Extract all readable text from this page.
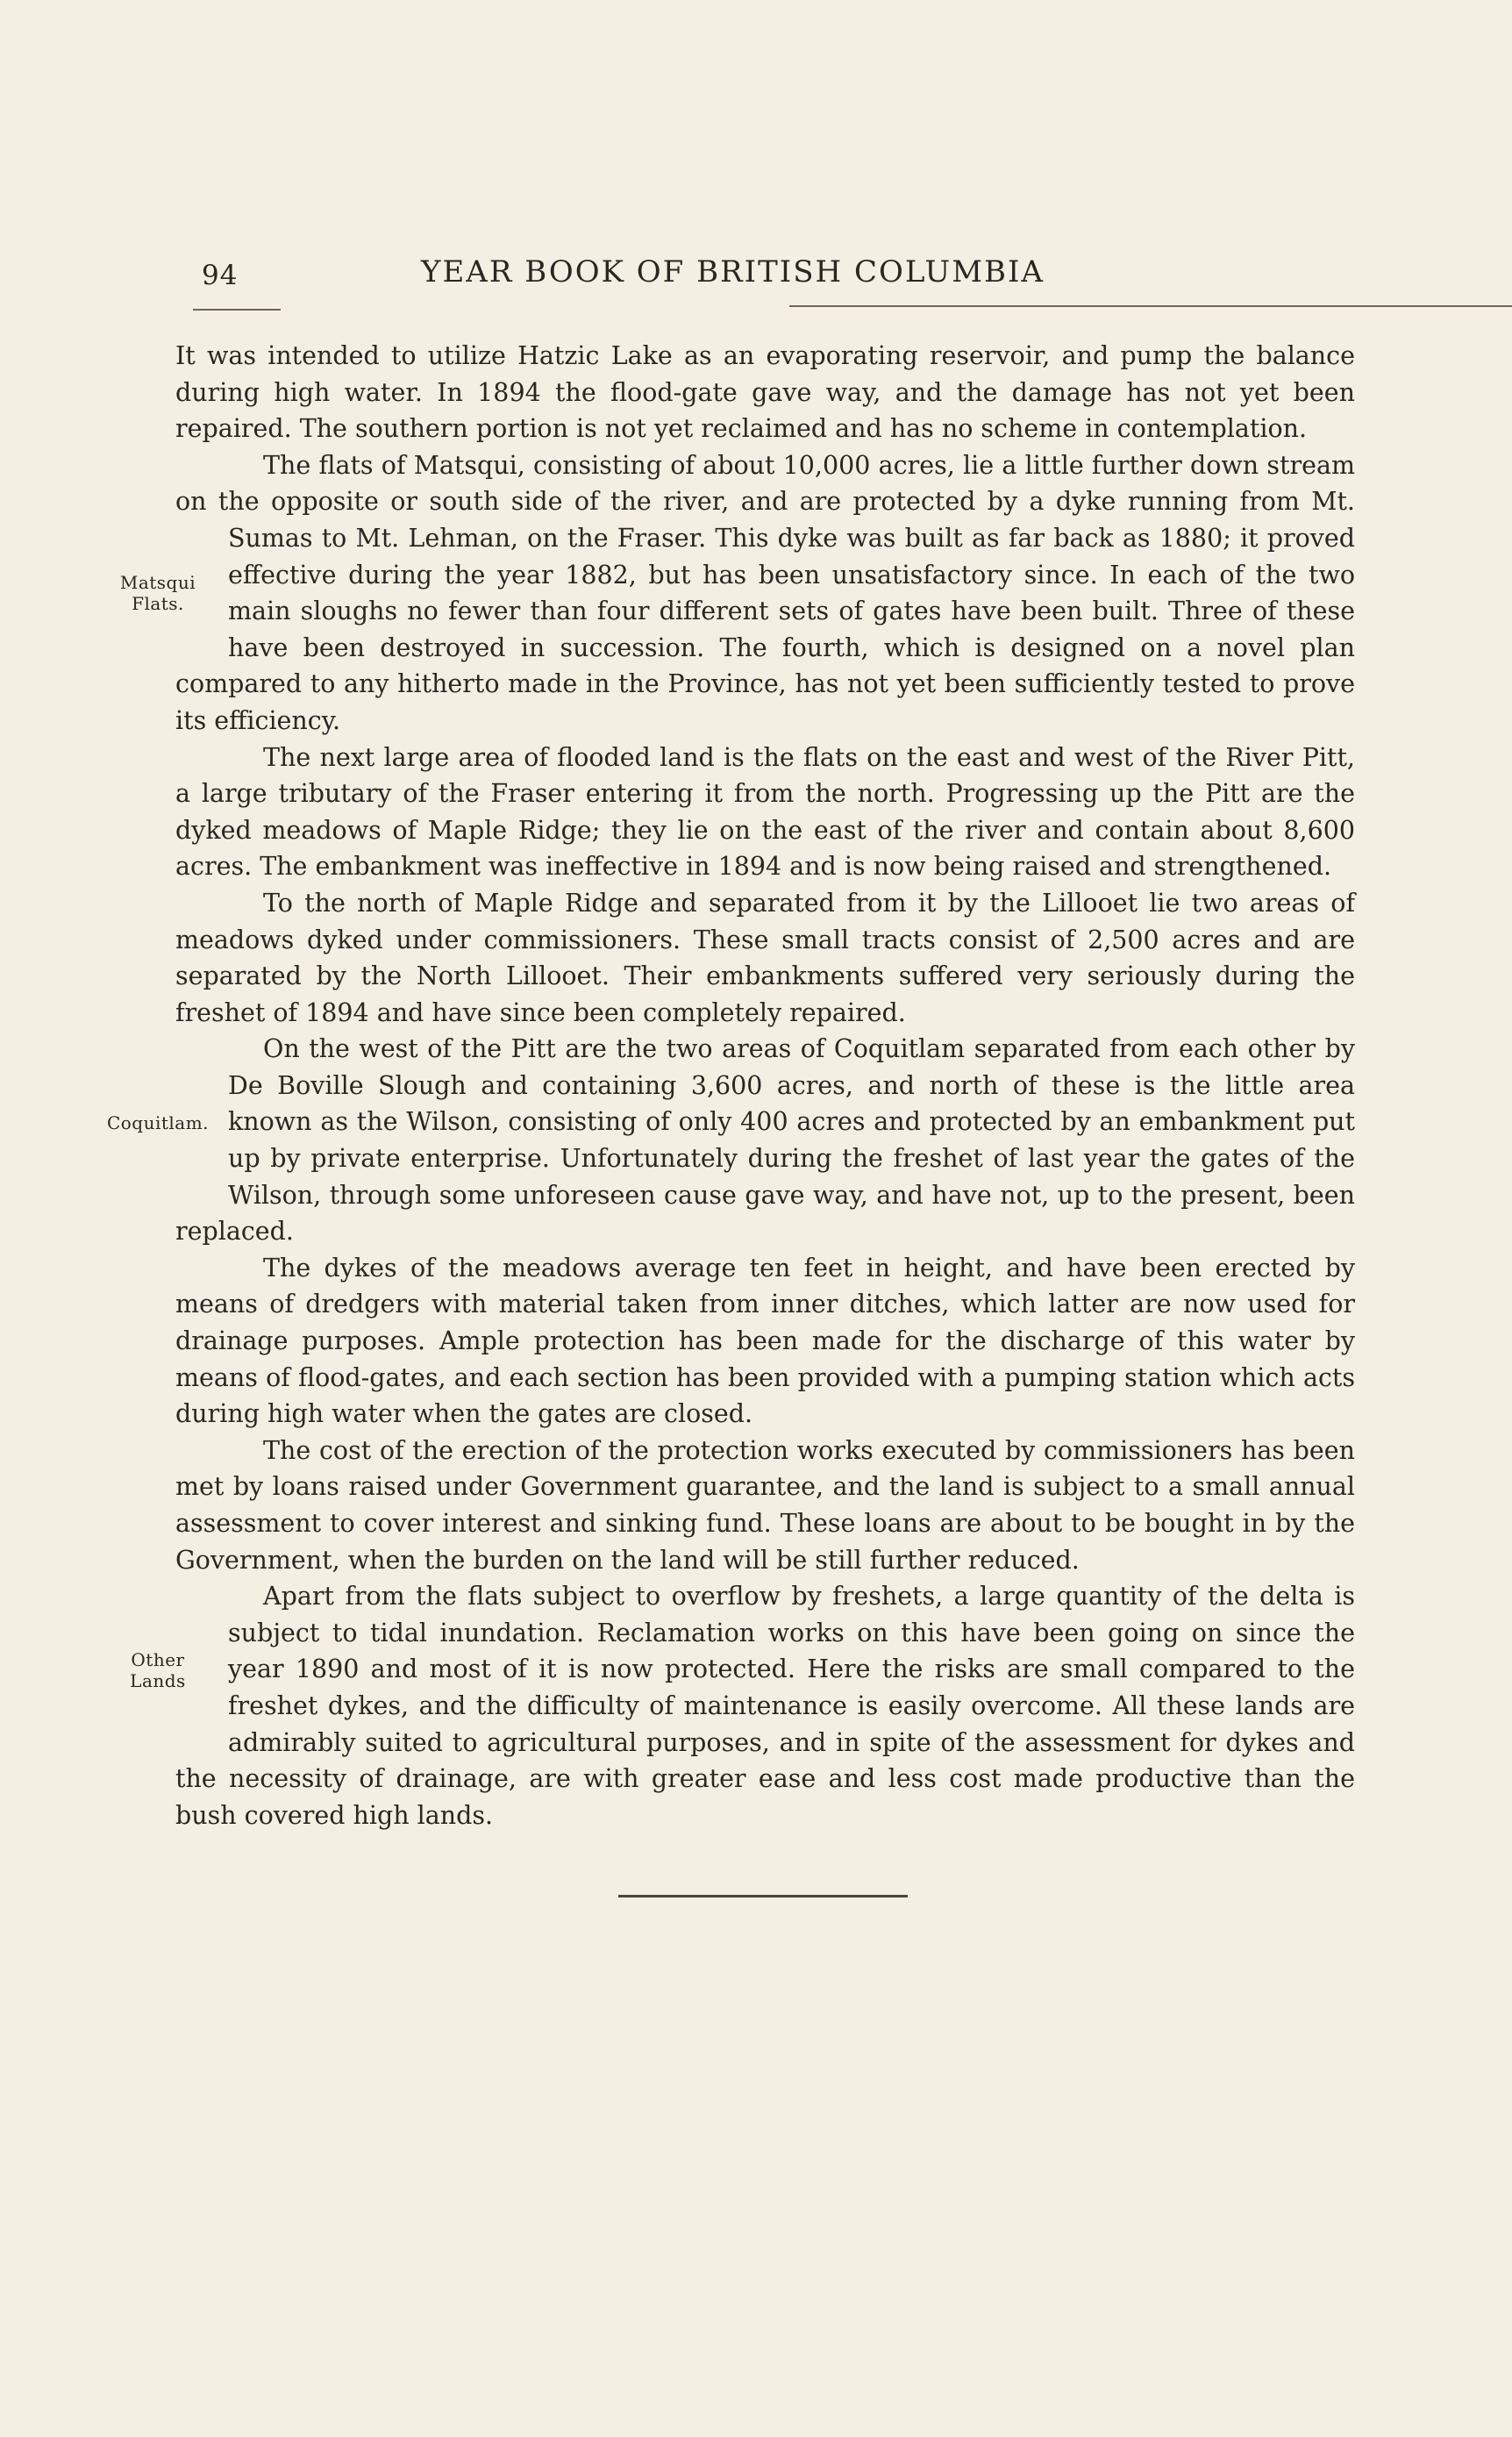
94	YEAR BOOK OF BRITISH COLUMBIA

It was intended to utilize Hatzic Lake as an evaporating reservoir, and pump the balance during high water. In 1894 the flood-gate gave way, and the damage has not yet been repaired. The southern portion is not yet reclaimed and has no scheme in contemplation.

The flats of Matsqui, consisting of about 10,000 acres, lie a little further down stream on the opposite or south side of the river, and are protected by a dyke running from Mt. Sumas to Mt. Lehman, on the Fraser. This dyke was
Matsqui
Flats.
built as far back as 1880; it proved effective during the year 1882, but has been unsatisfactory since. In each of the two main sloughs no fewer than four different sets of gates have been built. Three of these have been destroyed in succession. The fourth, which is designed on a novel plan compared to any hitherto made in the Province, has not yet been sufficiently tested to prove its efficiency.

The next large area of flooded land is the flats on the east and west of the River Pitt, a large tributary of the Fraser entering it from the north. Progressing up the Pitt are the dyked meadows of Maple Ridge; they lie on the east of the river and contain about 8,600 acres. The embankment was ineffective in 1894 and is now being raised and strengthened.

To the north of Maple Ridge and separated from it by the Lillooet lie two areas of meadows dyked under commissioners. These small tracts consist of 2,500 acres and are separated by the North Lillooet. Their embankments suffered very seriously during the freshet of 1894 and have since been completely repaired.

On the west of the Pitt are the two areas of Coquitlam separated from each other by De Boville Slough and containing 3,600 acres, and north of these is the
Coquitlam.
little area known as the Wilson, consisting of only 400 acres and protected by an embankment put up by private enterprise. Unfortunately during the freshet of last year the gates of the Wilson, through some unforeseen cause gave way, and have not, up to the present, been replaced.

The dykes of the meadows average ten feet in height, and have been erected by means of dredgers with material taken from inner ditches, which latter are now used for drainage purposes. Ample protection has been made for the discharge of this water by means of flood-gates, and each section has been provided with a pumping station which acts during high water when the gates are closed.

The cost of the erection of the protection works executed by commissioners has been met by loans raised under Government guarantee, and the land is subject to a small annual assessment to cover interest and sinking fund. These loans are about to be bought in by the Government, when the burden on the land will be still further reduced.

Apart from the flats subject to overflow by freshets, a large quantity of the delta is subject to tidal inundation. Reclamation works on this have been
Other
Lands
going on since the year 1890 and most of it is now protected. Here the risks are small compared to the freshet dykes, and the difficulty of maintenance is easily overcome. All these lands are admirably suited to agricultural purposes, and in spite of the assessment for dykes and the necessity of drainage, are with greater ease and less cost made productive than the bush covered high lands.
